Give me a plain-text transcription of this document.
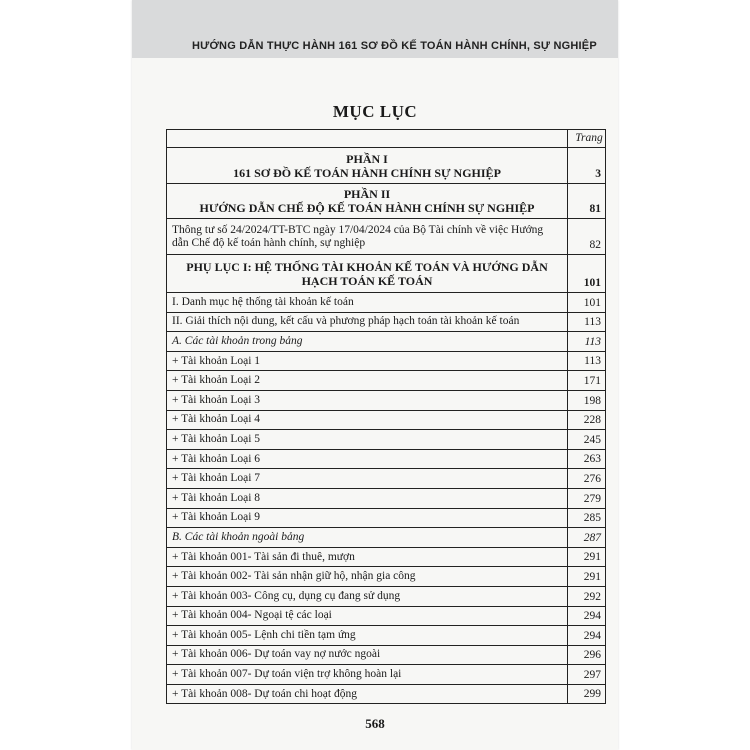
HƯỚNG DẪN THỰC HÀNH 161 SƠ ĐỒ KẾ TOÁN HÀNH CHÍNH, SỰ NGHIỆP
MỤC LỤC
	Trang

PHẦN I
161 SƠ ĐỒ KẾ TOÁN HÀNH CHÍNH SỰ NGHIỆP	3

PHẦN II
HƯỚNG DẪN CHẾ ĐỘ KẾ TOÁN HÀNH CHÍNH SỰ NGHIỆP	81
Thông tư số 24/2024/TT-BTC ngày 17/04/2024 của Bộ Tài chính về việc Hướng dẫn Chế độ kế toán hành chính, sự nghiệp	82

PHỤ LỤC I: HỆ THỐNG TÀI KHOẢN KẾ TOÁN VÀ HƯỚNG DẪN
HẠCH TOÁN KẾ TOÁN	101
I. Danh mục hệ thống tài khoản kế toán	101
II. Giải thích nội dung, kết cấu và phương pháp hạch toán tài khoản kế toán	113
A. Các tài khoản trong bảng	113
+ Tài khoản Loại 1	113
+ Tài khoản Loại 2	171
+ Tài khoản Loại 3	198
+ Tài khoản Loại 4	228
+ Tài khoản Loại 5	245
+ Tài khoản Loại 6	263
+ Tài khoản Loại 7	276
+ Tài khoản Loại 8	279
+ Tài khoản Loại 9	285
B. Các tài khoản ngoài bảng	287
+ Tài khoản 001- Tài sản đi thuê, mượn	291
+ Tài khoản 002- Tài sản nhận giữ hộ, nhận gia công	291
+ Tài khoản 003- Công cụ, dụng cụ đang sử dụng	292
+ Tài khoản 004- Ngoại tệ các loại	294
+ Tài khoản 005- Lệnh chi tiền tạm ứng	294
+ Tài khoản 006- Dự toán vay nợ nước ngoài	296
+ Tài khoản 007- Dự toán viện trợ không hoàn lại	297
+ Tài khoản 008- Dự toán chi hoạt động	299
568
